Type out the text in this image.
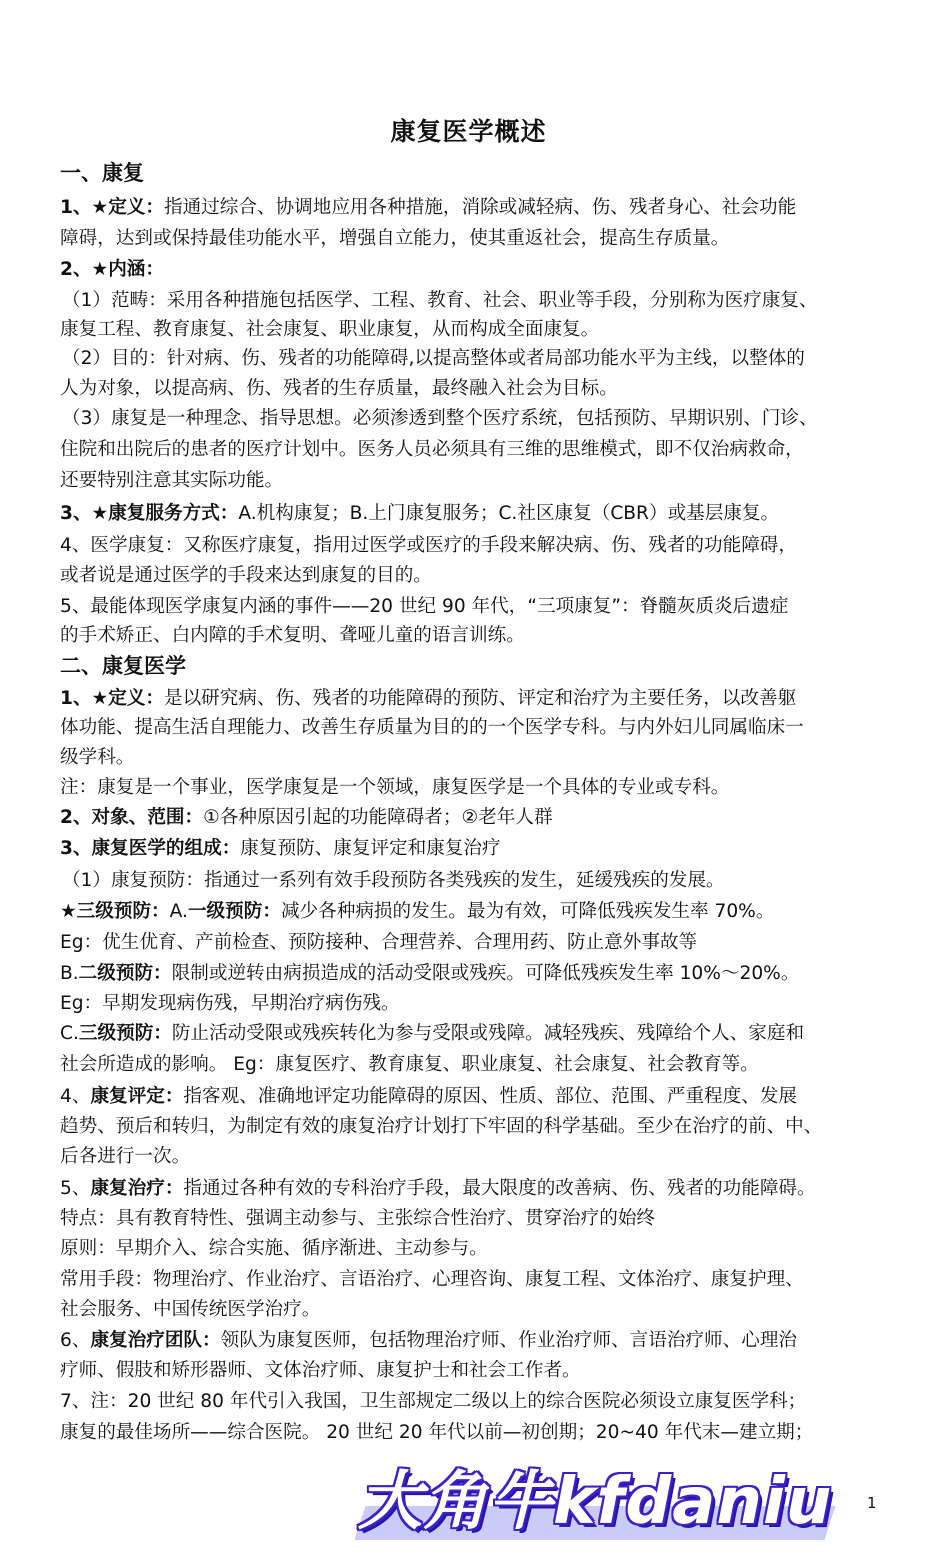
康复医学概述
一、康复
1、★定义：指通过综合、协调地应用各种措施，消除或减轻病、伤、残者身心、社会功能
障碍，达到或保持最佳功能水平，增强自立能力，使其重返社会，提高生存质量。
2、★内涵：
（1）范畴：采用各种措施包括医学、工程、教育、社会、职业等手段，分别称为医疗康复、
康复工程、教育康复、社会康复、职业康复，从而构成全面康复。
（2）目的：针对病、伤、残者的功能障碍,以提高整体或者局部功能水平为主线，以整体的
人为对象，以提高病、伤、残者的生存质量，最终融入社会为目标。
（3）康复是一种理念、指导思想。必须渗透到整个医疗系统，包括预防、早期识别、门诊、
住院和出院后的患者的医疗计划中。医务人员必须具有三维的思维模式，即不仅治病救命，
还要特别注意其实际功能。
3、★康复服务方式：A.机构康复；B.上门康复服务；C.社区康复（CBR）或基层康复。
4、医学康复：又称医疗康复，指用过医学或医疗的手段来解决病、伤、残者的功能障碍，
或者说是通过医学的手段来达到康复的目的。
5、最能体现医学康复内涵的事件——20 世纪 90 年代，“三项康复”：脊髓灰质炎后遗症
的手术矫正、白内障的手术复明、聋哑儿童的语言训练。
二、康复医学
1、★定义：是以研究病、伤、残者的功能障碍的预防、评定和治疗为主要任务，以改善躯
体功能、提高生活自理能力、改善生存质量为目的的一个医学专科。与内外妇儿同属临床一
级学科。
注：康复是一个事业，医学康复是一个领域，康复医学是一个具体的专业或专科。
2、对象、范围：①各种原因引起的功能障碍者；②老年人群
3、康复医学的组成：康复预防、康复评定和康复治疗
（1）康复预防：指通过一系列有效手段预防各类残疾的发生，延缓残疾的发展。
★三级预防：A.一级预防：减少各种病损的发生。最为有效，可降低残疾发生率 70%。
Eg：优生优育、产前检查、预防接种、合理营养、合理用药、防止意外事故等
B.二级预防：限制或逆转由病损造成的活动受限或残疾。可降低残疾发生率 10%～20%。
Eg：早期发现病伤残，早期治疗病伤残。
C.三级预防：防止活动受限或残疾转化为参与受限或残障。减轻残疾、残障给个人、家庭和
社会所造成的影响。 Eg：康复医疗、教育康复、职业康复、社会康复、社会教育等。
4、康复评定：指客观、准确地评定功能障碍的原因、性质、部位、范围、严重程度、发展
趋势、预后和转归，为制定有效的康复治疗计划打下牢固的科学基础。至少在治疗的前、中、
后各进行一次。
5、康复治疗：指通过各种有效的专科治疗手段，最大限度的改善病、伤、残者的功能障碍。
特点：具有教育特性、强调主动参与、主张综合性治疗、贯穿治疗的始终
原则：早期介入、综合实施、循序渐进、主动参与。
常用手段：物理治疗、作业治疗、言语治疗、心理咨询、康复工程、文体治疗、康复护理、
社会服务、中国传统医学治疗。
6、康复治疗团队：领队为康复医师，包括物理治疗师、作业治疗师、言语治疗师、心理治
疗师、假肢和矫形器师、文体治疗师、康复护士和社会工作者。
7、注：20 世纪 80 年代引入我国，卫生部规定二级以上的综合医院必须设立康复医学科；
康复的最佳场所——综合医院。 20 世纪 20 年代以前—初创期；20~40 年代末—建立期；
大角牛kfdaniu 1
